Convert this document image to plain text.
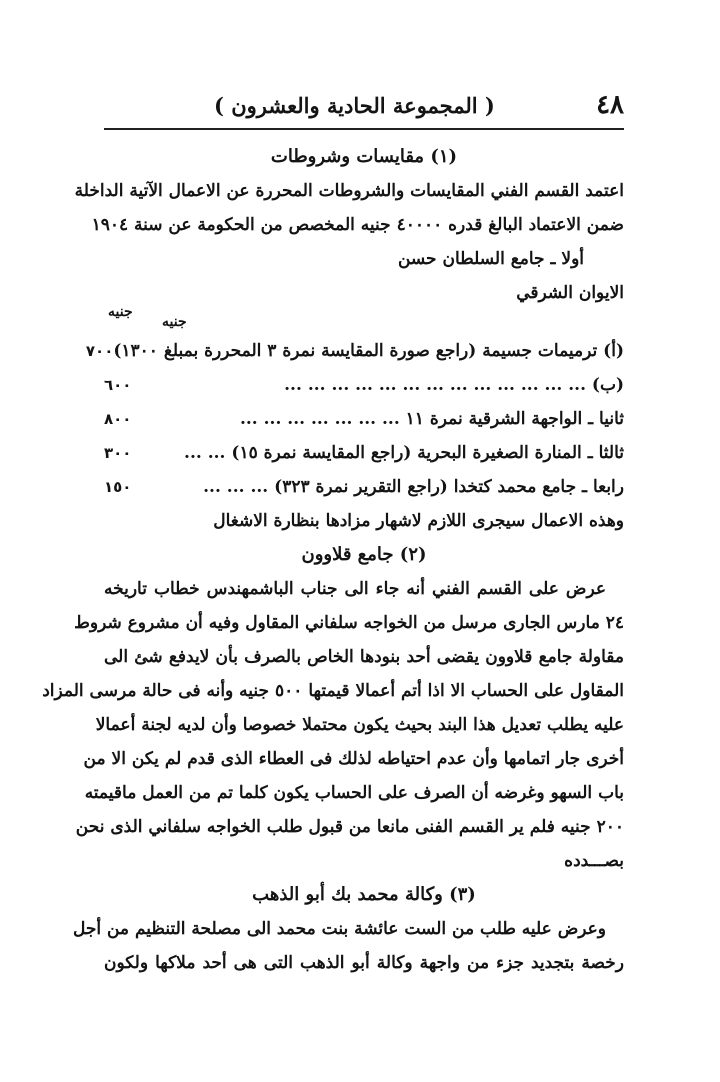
٤٨
( المجموعة الحادية والعشرون )
(١) مقايسات وشروطات
اعتمد القسم الفني المقايسات والشروطات المحررة عن الاعمال الآتية الداخلة
ضمن الاعتماد البالغ قدره ٤٠٠٠٠ جنيه المخصص من الحكومة عن سنة ١٩٠٤
أولا ـ جامع السلطان حسن
الايوان الشرقي
جنيه
جنيه
(أ) ترميمات جسيمة (راجع صورة المقايسة نمرة ٣ المحررة بمبلغ ١٣٠٠)
٧٠٠
(ب) ... ... ... ... ... ... ... ... ... ... ... ... ...
٦٠٠
ثانيا ـ الواجهة الشرقية نمرة ١١ ... ... ... ... ... ... ...
٨٠٠
ثالثا ـ المنارة الصغيرة البحرية (راجع المقايسة نمرة ١٥) ... ...
٣٠٠
رابعا ـ جامع محمد كتخدا (راجع التقرير نمرة ٣٢٣) ... ... ...
١٥٠
وهذه الاعمال سيجرى اللازم لاشهار مزادها بنظارة الاشغال
(٢) جامع قلاوون
عرض على القسم الفني أنه جاء الى جناب الباشمهندس خطاب تاريخه
٢٤ مارس الجارى مرسل من الخواجه سلفاني المقاول وفيه أن مشروع شروط
مقاولة جامع قلاوون يقضى أحد بنودها الخاص بالصرف بأن لايدفع شئ الى
المقاول على الحساب الا اذا أتم أعمالا قيمتها ٥٠٠ جنيه وأنه فى حالة مرسى المزاد
عليه يطلب تعديل هذا البند بحيث يكون محتملا خصوصا وأن لديه لجنة أعمالا
أخرى جار اتمامها وأن عدم احتياطه لذلك فى العطاء الذى قدم لم يكن الا من
باب السهو وغرضه أن الصرف على الحساب يكون كلما تم من العمل ماقيمته
٢٠٠ جنيه فلم ير القسم الفنى مانعا من قبول طلب الخواجه سلفاني الذى نحن
بصـــدده
(٣) وكالة محمد بك أبو الذهب
وعرض عليه طلب من الست عائشة بنت محمد الى مصلحة التنظيم من أجل
رخصة بتجديد جزء من واجهة وكالة أبو الذهب التى هى أحد ملاكها ولكون
